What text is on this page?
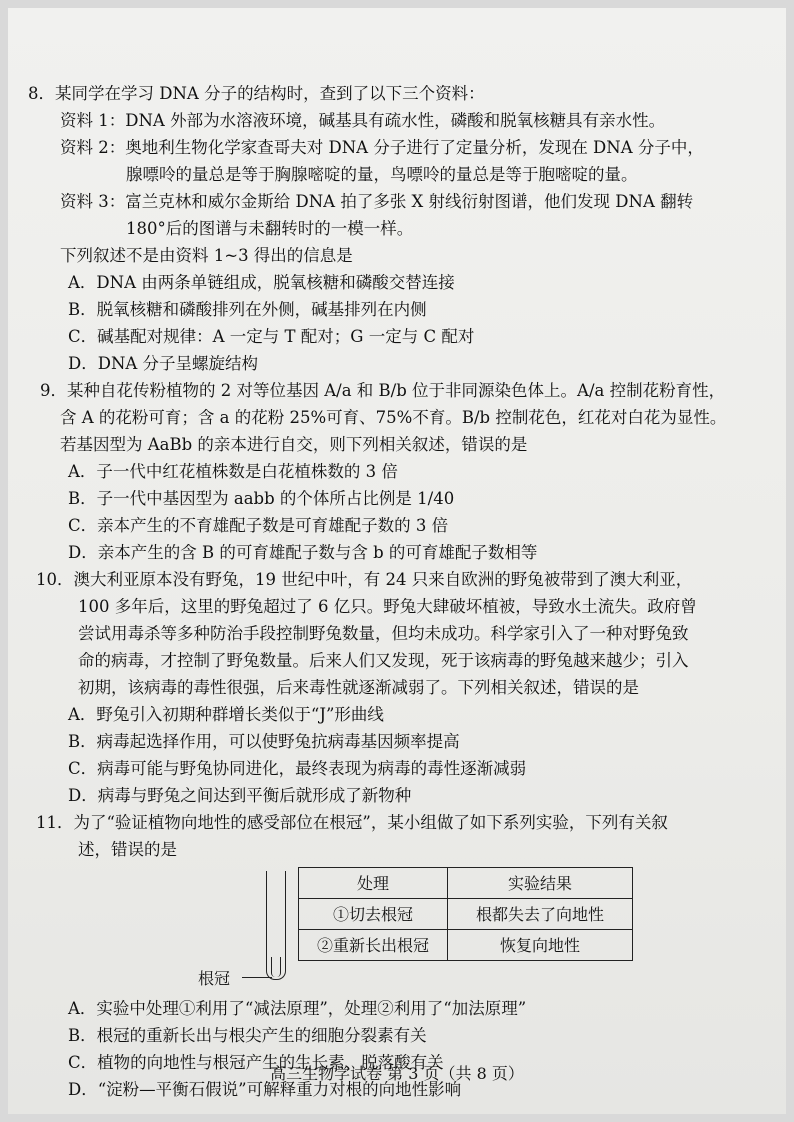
8．某同学在学习 DNA 分子的结构时，查到了以下三个资料：
资料 1：DNA 外部为水溶液环境，碱基具有疏水性，磷酸和脱氧核糖具有亲水性。
资料 2：奥地利生物化学家查哥夫对 DNA 分子进行了定量分析，发现在 DNA 分子中，
腺嘌呤的量总是等于胸腺嘧啶的量，鸟嘌呤的量总是等于胞嘧啶的量。
资料 3：富兰克林和威尔金斯给 DNA 拍了多张 X 射线衍射图谱，他们发现 DNA 翻转
180°后的图谱与未翻转时的一模一样。
下列叙述不是由资料 1~3 得出的信息是
A．DNA 由两条单链组成，脱氧核糖和磷酸交替连接
B．脱氧核糖和磷酸排列在外侧，碱基排列在内侧
C．碱基配对规律：A 一定与 T 配对；G 一定与 C 配对
D．DNA 分子呈螺旋结构
9．某种自花传粉植物的 2 对等位基因 A/a 和 B/b 位于非同源染色体上。A/a 控制花粉育性，
含 A 的花粉可育；含 a 的花粉 25%可育、75%不育。B/b 控制花色，红花对白花为显性。
若基因型为 AaBb 的亲本进行自交，则下列相关叙述，错误的是
A．子一代中红花植株数是白花植株数的 3 倍
B．子一代中基因型为 aabb 的个体所占比例是 1/40
C．亲本产生的不育雄配子数是可育雄配子数的 3 倍
D．亲本产生的含 B 的可育雄配子数与含 b 的可育雄配子数相等
10．澳大利亚原本没有野兔，19 世纪中叶，有 24 只来自欧洲的野兔被带到了澳大利亚，
100 多年后，这里的野兔超过了 6 亿只。野兔大肆破坏植被，导致水土流失。政府曾
尝试用毒杀等多种防治手段控制野兔数量，但均未成功。科学家引入了一种对野兔致
命的病毒，才控制了野兔数量。后来人们又发现，死于该病毒的野兔越来越少；引入
初期，该病毒的毒性很强，后来毒性就逐渐减弱了。下列相关叙述，错误的是
A．野兔引入初期种群增长类似于“J”形曲线
B．病毒起选择作用，可以使野兔抗病毒基因频率提高
C．病毒可能与野兔协同进化，最终表现为病毒的毒性逐渐减弱
D．病毒与野兔之间达到平衡后就形成了新物种
11．为了“验证植物向地性的感受部位在根冠”，某小组做了如下系列实验，下列有关叙
述，错误的是
根冠
处理	实验结果
①切去根冠	根都失去了向地性
②重新长出根冠	恢复向地性
A．实验中处理①利用了“减法原理”，处理②利用了“加法原理”
B．根冠的重新长出与根尖产生的细胞分裂素有关
C．植物的向地性与根冠产生的生长素、脱落酸有关
D．“淀粉—平衡石假说”可解释重力对根的向地性影响
高三生物学试卷 第 3 页（共 8 页）
